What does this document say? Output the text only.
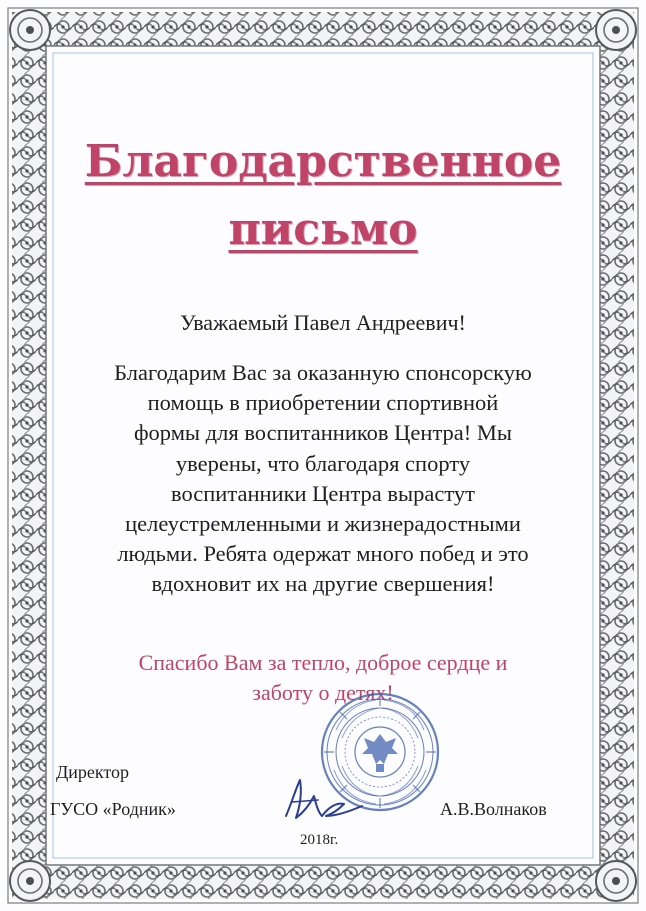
Благодарственное
письмо

Уважаемый Павел Андреевич!

Благодарим Вас за оказанную спонсорскую
помощь в приобретении спортивной
формы для воспитанников Центра! Мы
уверены, что благодаря спорту
воспитанники Центра вырастут
целеустремленными и жизнерадостными
людьми. Ребята одержат много побед и это
вдохновит их на другие свершения!

Спасибо Вам за тепло, доброе сердце и
заботу о детях!

Директор

ГУСО «Родник»	А.В.Волнаков

2018г.
